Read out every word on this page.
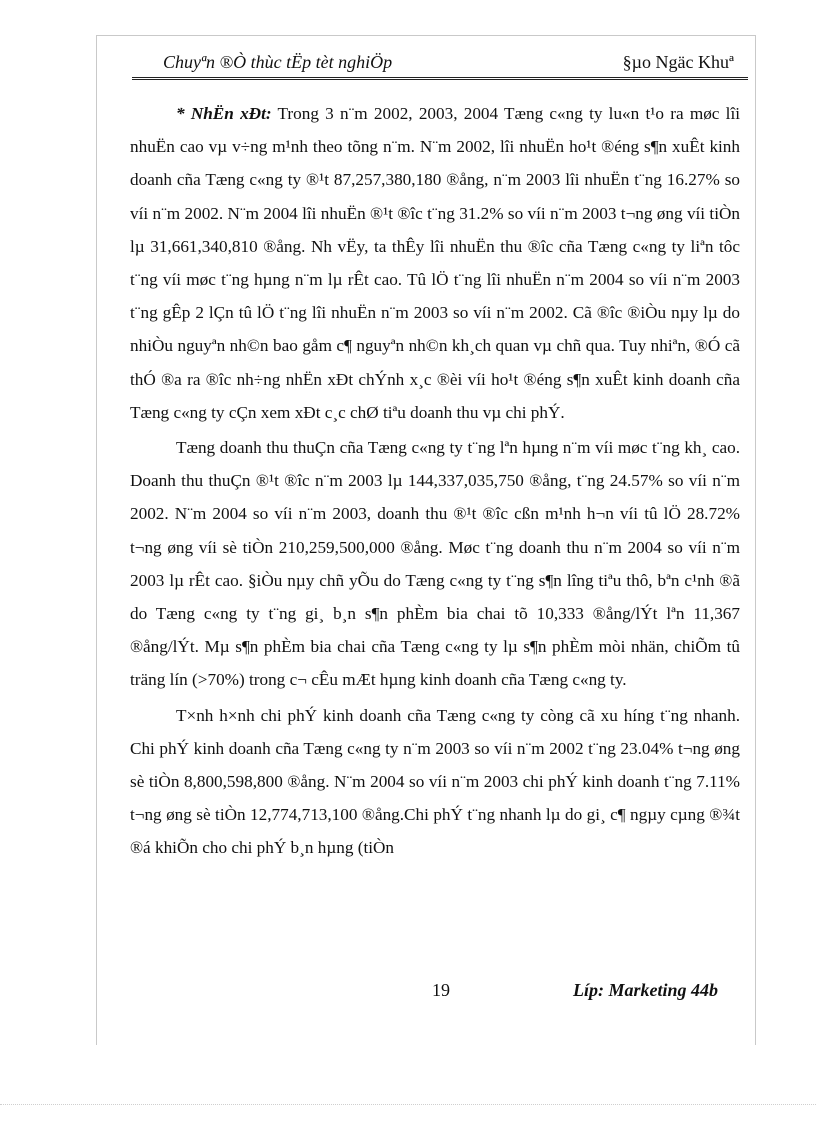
Chuyªn ®Ò thùc tËp tèt nghiÖp	§µo Ngäc Khuª

* NhËn xÐt: Trong 3 n¨m 2002, 2003, 2004 Tæng c«ng ty lu«n t¹o ra møc lîi nhuËn cao vµ v÷ng m¹nh theo tõng n¨m. N¨m 2002, lîi nhuËn ho¹t ®éng s¶n xuÊt kinh doanh cña Tæng c«ng ty ®¹t 87,257,380,180 ®ång, n¨m 2003 lîi nhuËn t¨ng 16.27% so víi n¨m 2002. N¨m 2004 lîi nhuËn ®¹t ®îc t¨ng 31.2% so víi n¨m 2003 t¬ng øng víi tiÒn lµ 31,661,340,810 ®ång. Nh vËy, ta thÊy lîi nhuËn thu ®îc cña Tæng c«ng ty liªn tôc t¨ng víi møc t¨ng hµng n¨m lµ rÊt cao. Tû lÖ t¨ng lîi nhuËn n¨m 2004 so víi n¨m 2003 t¨ng gÊp 2 lÇn tû lÖ t¨ng lîi nhuËn n¨m 2003 so víi n¨m 2002. Cã ®îc ®iÒu nµy lµ do nhiÒu nguyªn nh©n bao gåm c¶ nguyªn nh©n kh¸ch quan vµ chñ qua. Tuy nhiªn, ®Ó cã thÓ ®a ra ®îc nh÷ng nhËn xÐt chÝnh x¸c ®èi víi ho¹t ®éng s¶n xuÊt kinh doanh cña Tæng c«ng ty cÇn xem xÐt c¸c chØ tiªu doanh thu vµ chi phÝ.

Tæng doanh thu thuÇn cña Tæng c«ng ty t¨ng lªn hµng n¨m víi møc t¨ng kh¸ cao. Doanh thu thuÇn ®¹t ®îc n¨m 2003 lµ 144,337,035,750 ®ång, t¨ng 24.57% so víi n¨m 2002. N¨m 2004 so víi n¨m 2003, doanh thu ®¹t ®îc cßn m¹nh h¬n víi tû lÖ 28.72% t¬ng øng víi sè tiÒn 210,259,500,000 ®ång. Møc t¨ng doanh thu n¨m 2004 so víi n¨m 2003 lµ rÊt cao. §iÒu nµy chñ yÕu do Tæng c«ng ty t¨ng s¶n lîng tiªu thô, bªn c¹nh ®ã do Tæng c«ng ty t¨ng gi¸ b¸n s¶n phÈm bia chai tõ 10,333 ®ång/lÝt lªn 11,367 ®ång/lÝt. Mµ s¶n phÈm bia chai cña Tæng c«ng ty lµ s¶n phÈm mòi nhän, chiÕm tû träng lín (>70%) trong c¬ cÊu mÆt hµng kinh doanh cña Tæng c«ng ty.

T×nh h×nh chi phÝ kinh doanh cña Tæng c«ng ty còng cã xu híng t¨ng nhanh. Chi phÝ kinh doanh cña Tæng c«ng ty n¨m 2003 so víi n¨m 2002 t¨ng 23.04% t¬ng øng sè tiÒn 8,800,598,800 ®ång. N¨m 2004 so víi n¨m 2003 chi phÝ kinh doanh t¨ng 7.11% t¬ng øng sè tiÒn 12,774,713,100 ®ång.Chi phÝ t¨ng nhanh lµ do gi¸ c¶ ngµy cµng ®¾t ®á khiÕn cho chi phÝ b¸n hµng (tiÒn

19	Líp: Marketing 44b
